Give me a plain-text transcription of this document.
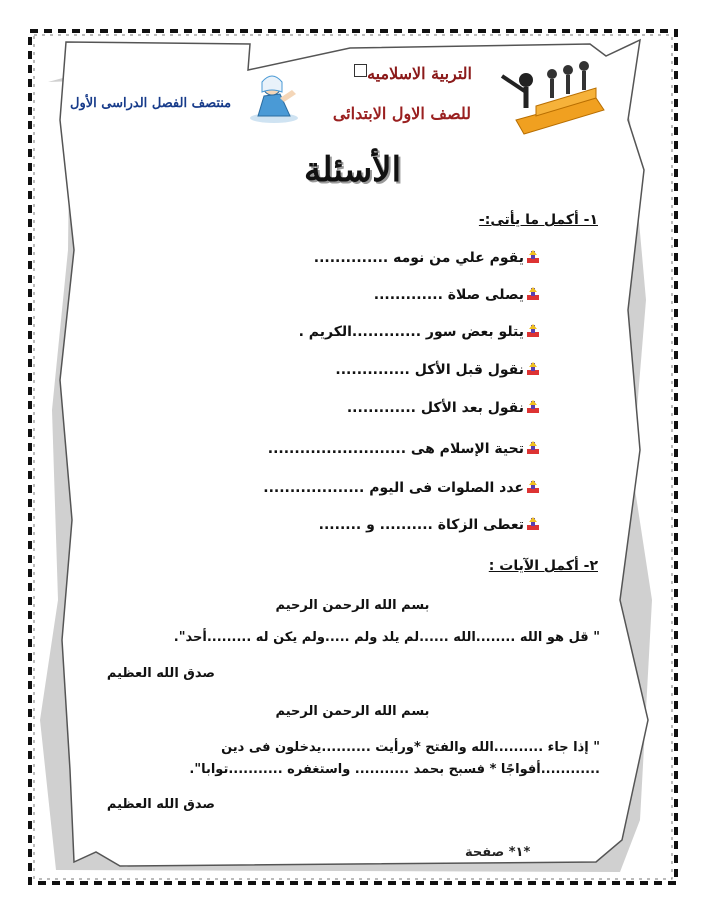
التربية الاسلاميه
للصف الاول الابتدائى
منتصف الفصل الدراسى الأول
الأسئلة
١- أكمل ما يأتى:-
يقوم علي من نومه ..............
يصلى صلاة .............
يتلو بعض سور .............الكريم .
نقول قبل الأكل ..............
نقول بعد الأكل .............
تحية الإسلام هى ..........................
عدد الصلوات فى اليوم ...................
تعطى الزكاة .......... و ........
٢- أكمل الآيات :
بسم الله الرحمن الرحيم
" قل هو الله ........الله ......لم يلد ولم .....ولم يكن له .........أحد".
صدق الله العظيم
بسم الله الرحمن الرحيم
" إذا جاء ..........الله والفتح *ورأيت ..........يدخلون فى دين
............أفواجًا * فسبح بحمد ........... واستغفره ...........توابا".
صدق الله العظيم
*١* صفحة
